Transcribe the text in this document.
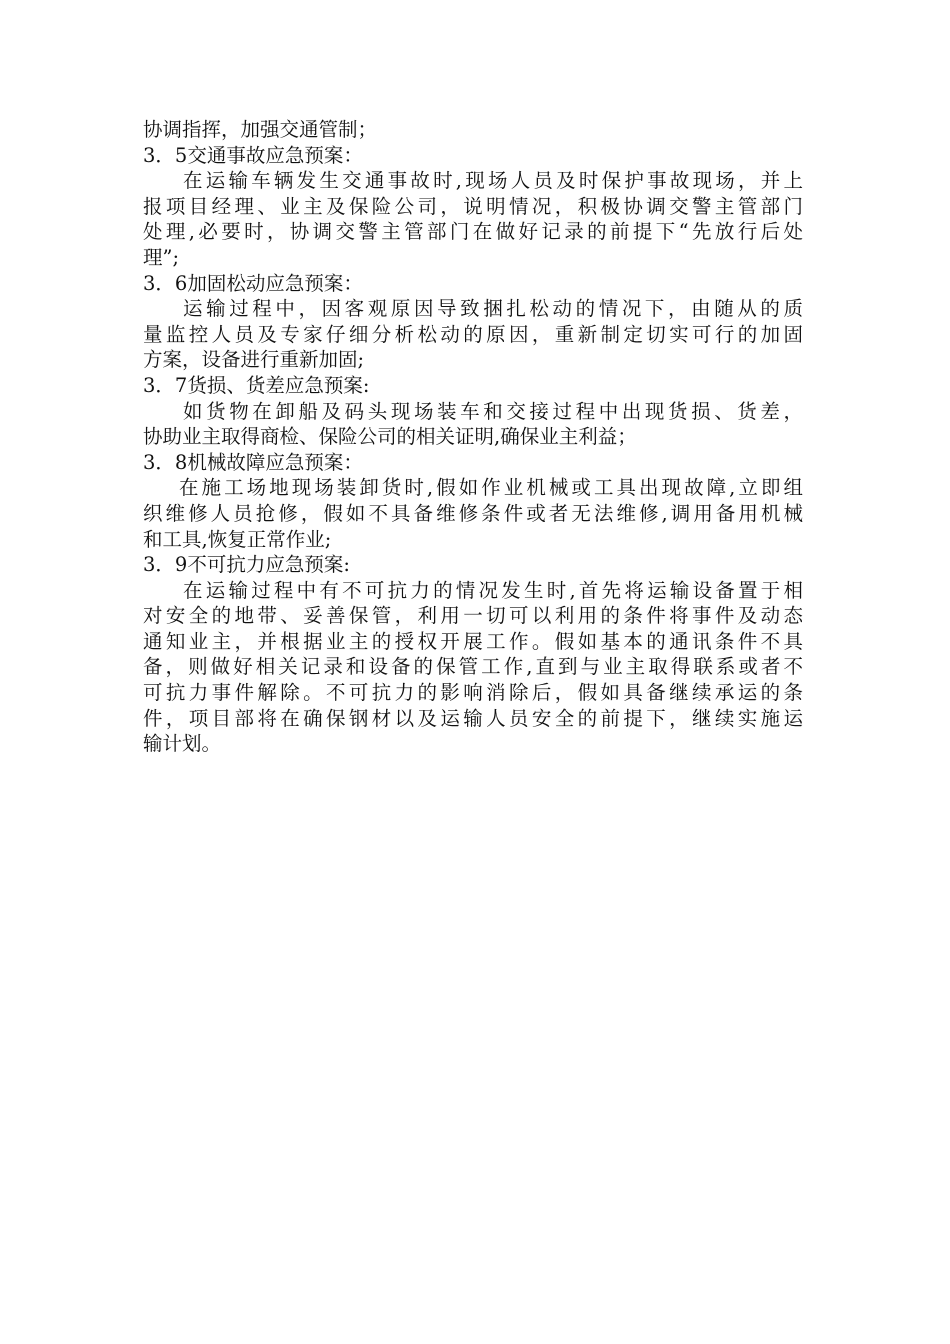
协调指挥，加强交通管制；
3．5交通事故应急预案：
在运输车辆发生交通事故时,现场人员及时保护事故现场，并上
报项目经理、业主及保险公司，说明情况，积极协调交警主管部门
处理,必要时，协调交警主管部门在做好记录的前提下“先放行后处
理”;
3．6加固松动应急预案：
运输过程中，因客观原因导致捆扎松动的情况下，由随从的质
量监控人员及专家仔细分析松动的原因，重新制定切实可行的加固
方案，设备进行重新加固;
3．7货损、货差应急预案:
如货物在卸船及码头现场装车和交接过程中出现货损、货差，
协助业主取得商检、保险公司的相关证明,确保业主利益；
3．8机械故障应急预案：
在施工场地现场装卸货时,假如作业机械或工具出现故障,立即组
织维修人员抢修，假如不具备维修条件或者无法维修,调用备用机械
和工具,恢复正常作业;
3．9不可抗力应急预案:
在运输过程中有不可抗力的情况发生时,首先将运输设备置于相
对安全的地带、妥善保管，利用一切可以利用的条件将事件及动态
通知业主，并根据业主的授权开展工作。假如基本的通讯条件不具
备，则做好相关记录和设备的保管工作,直到与业主取得联系或者不
可抗力事件解除。不可抗力的影响消除后，假如具备继续承运的条
件，项目部将在确保钢材以及运输人员安全的前提下，继续实施运
输计划。
